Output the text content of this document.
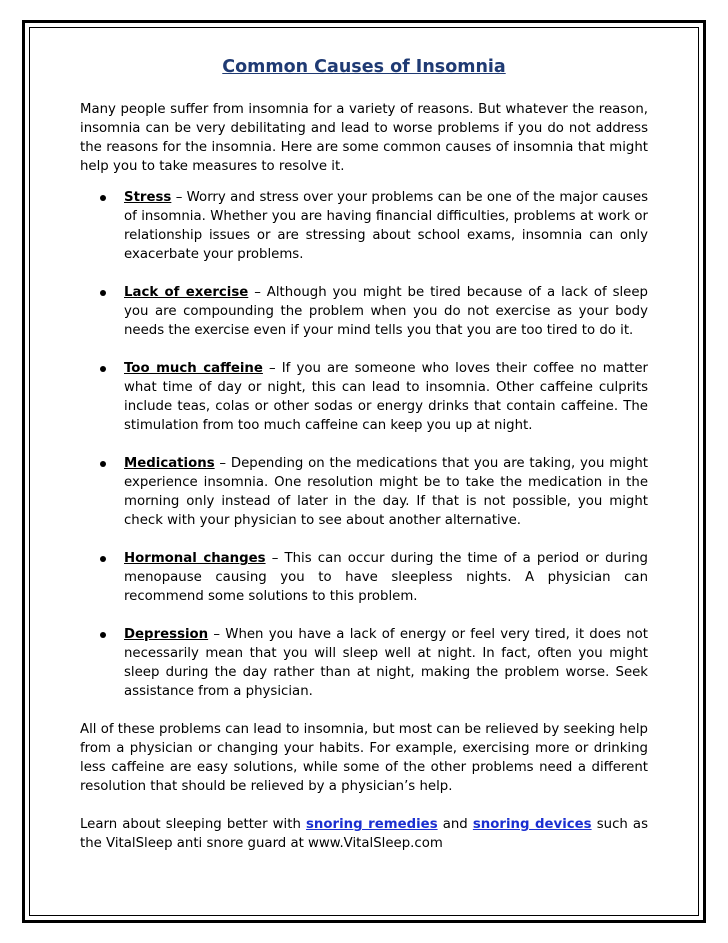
Common Causes of Insomnia

Many people suffer from insomnia for a variety of reasons. But whatever the reason, insomnia can be very debilitating and lead to worse problems if you do not address the reasons for the insomnia. Here are some common causes of insomnia that might help you to take measures to resolve it.

Stress – Worry and stress over your problems can be one of the major causes of insomnia. Whether you are having financial difficulties, problems at work or relationship issues or are stressing about school exams, insomnia can only exacerbate your problems.
Lack of exercise – Although you might be tired because of a lack of sleep you are compounding the problem when you do not exercise as your body needs the exercise even if your mind tells you that you are too tired to do it.
Too much caffeine – If you are someone who loves their coffee no matter what time of day or night, this can lead to insomnia. Other caffeine culprits include teas, colas or other sodas or energy drinks that contain caffeine. The stimulation from too much caffeine can keep you up at night.
Medications – Depending on the medications that you are taking, you might experience insomnia. One resolution might be to take the medication in the morning only instead of later in the day. If that is not possible, you might check with your physician to see about another alternative.
Hormonal changes – This can occur during the time of a period or during menopause causing you to have sleepless nights. A physician can recommend some solutions to this problem.
Depression – When you have a lack of energy or feel very tired, it does not necessarily mean that you will sleep well at night. In fact, often you might sleep during the day rather than at night, making the problem worse. Seek assistance from a physician.

All of these problems can lead to insomnia, but most can be relieved by seeking help from a physician or changing your habits. For example, exercising more or drinking less caffeine are easy solutions, while some of the other problems need a different resolution that should be relieved by a physician’s help.

Learn about sleeping better with snoring remedies and snoring devices such as the VitalSleep anti snore guard at www.VitalSleep.com
